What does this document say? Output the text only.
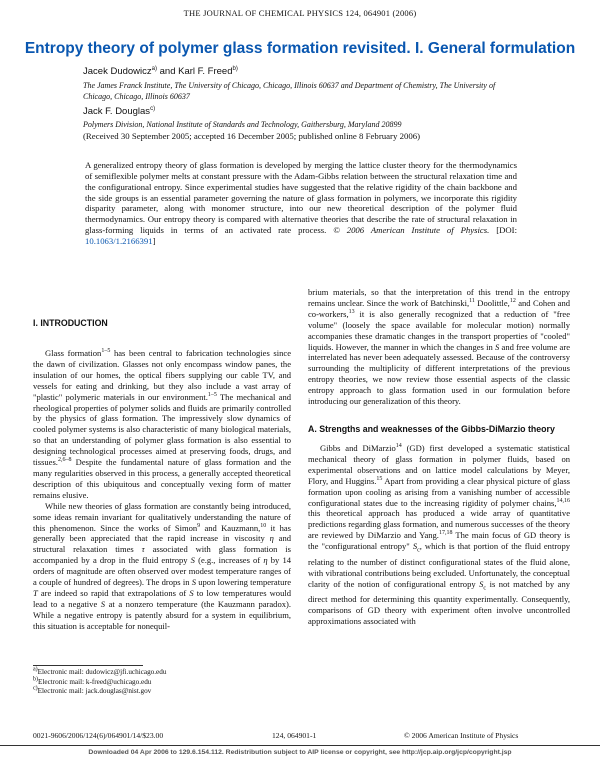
THE JOURNAL OF CHEMICAL PHYSICS 124, 064901 (2006)
Entropy theory of polymer glass formation revisited. I. General formulation
Jacek Dudowicz$^{a)}$ and Karl F. Freed$^{b)}$
The James Franck Institute, The University of Chicago, Chicago, Illinois 60637 and Department of Chemistry, The University of Chicago, Chicago, Illinois 60637
Jack F. Douglas$^{c)}$
Polymers Division, National Institute of Standards and Technology, Gaithersburg, Maryland 20899
(Received 30 September 2005; accepted 16 December 2005; published online 8 February 2006)
A generalized entropy theory of glass formation is developed by merging the lattice cluster theory for the thermodynamics of semiflexible polymer melts at constant pressure with the Adam-Gibbs relation between the structural relaxation time and the configurational entropy. Since experimental studies have suggested that the relative rigidity of the chain backbone and the side groups is an essential parameter governing the nature of glass formation in polymers, we incorporate this rigidity disparity parameter, along with monomer structure, into our new theoretical description of the polymer fluid thermodynamics. Our entropy theory is compared with alternative theories that describe the rate of structural relaxation in glass-forming liquids in terms of an activated rate process. © 2006 American Institute of Physics. [DOI: 10.1063/1.2166391]
I. INTRODUCTION

Glass formation$^{1-5}$ has been central to fabrication technologies since the dawn of civilization. Glasses not only encompass window panes, the insulation of our homes, the optical fibers supplying our cable TV, and vessels for eating and drinking, but they also include a vast array of "plastic" polymeric materials in our environment.$^{1-5}$ The mechanical and rheological properties of polymer solids and fluids are primarily controlled by the physics of glass formation. The impressively slow dynamics of cooled polymer systems is also characteristic of many biological materials, so that an understanding of polymer glass formation is also essential to designing technological processes aimed at preserving foods, drugs, and tissues.$^{2,6-8}$ Despite the fundamental nature of glass formation and the many regularities observed in this process, a generally accepted theoretical description of this ubiquitous and conceptually vexing form of matter remains elusive.

While new theories of glass formation are constantly being introduced, some ideas remain invariant for qualitatively understanding the nature of this phenomenon. Since the works of Simon$^9$ and Kauzmann,$^{10}$ it has generally been appreciated that the rapid increase in viscosity η and structural relaxation times τ associated with glass formation is accompanied by a drop in the fluid entropy S (e.g., increases of η by 14 orders of magnitude are often observed over modest temperature ranges of a couple of hundred of degrees). The drops in S upon lowering temperature T are indeed so rapid that extrapolations of S to low temperatures would lead to a negative S at a nonzero temperature (the Kauzmann paradox). While a negative entropy is patently absurd for a system in equilibrium, this situation is acceptable for nonequil-

brium materials, so that the interpretation of this trend in the entropy remains unclear. Since the work of Batchinski,$^{11}$ Doolittle,$^{12}$ and Cohen and co-workers,$^{13}$ it is also generally recognized that a reduction of "free volume" (loosely the space available for molecular motion) normally accompanies these dramatic changes in the transport properties of "cooled" liquids. However, the manner in which the changes in S and free volume are interrelated has never been adequately assessed. Because of the controversy surrounding the multiplicity of different interpretations of the previous entropy theories, we now review those essential aspects of the classic entropy approach to glass formation used in our formulation before introducing our generalization of this theory.

A. Strengths and weaknesses of the Gibbs-DiMarzio theory

Gibbs and DiMarzio$^{14}$ (GD) first developed a systematic statistical mechanical theory of glass formation in polymer fluids, based on experimental observations and on lattice model calculations by Meyer, Flory, and Huggins.$^{15}$ Apart from providing a clear physical picture of glass formation upon cooling as arising from a vanishing number of accessible configurational states due to the increasing rigidity of polymer chains,$^{14,16}$ this theoretical approach has produced a wide array of quantitative predictions regarding glass formation, and numerous successes of the theory are reviewed by DiMarzio and Yang.$^{17,18}$ The main focus of GD theory is the "configurational entropy" $S_c$, which is that portion of the fluid entropy relating to the number of distinct configurational states of the fluid alone, with vibrational contributions being excluded. Unfortunately, the conceptual clarity of the notion of configurational entropy $S_c$ is not matched by any direct method for determining this quantity experimentally. Consequently, comparisons of GD theory with experiment often involve uncontrolled approximations associated with

$^{a)}$Electronic mail: dudowicz@jfi.uchicago.edu
$^{b)}$Electronic mail: k-freed@uchicago.edu
$^{c)}$Electronic mail: jack.douglas@nist.gov
0021-9606/2006/124(6)/064901/14/$23.00	124, 064901-1	© 2006 American Institute of Physics
Downloaded 04 Apr 2006 to 129.6.154.112. Redistribution subject to AIP license or copyright, see http://jcp.aip.org/jcp/copyright.jsp
